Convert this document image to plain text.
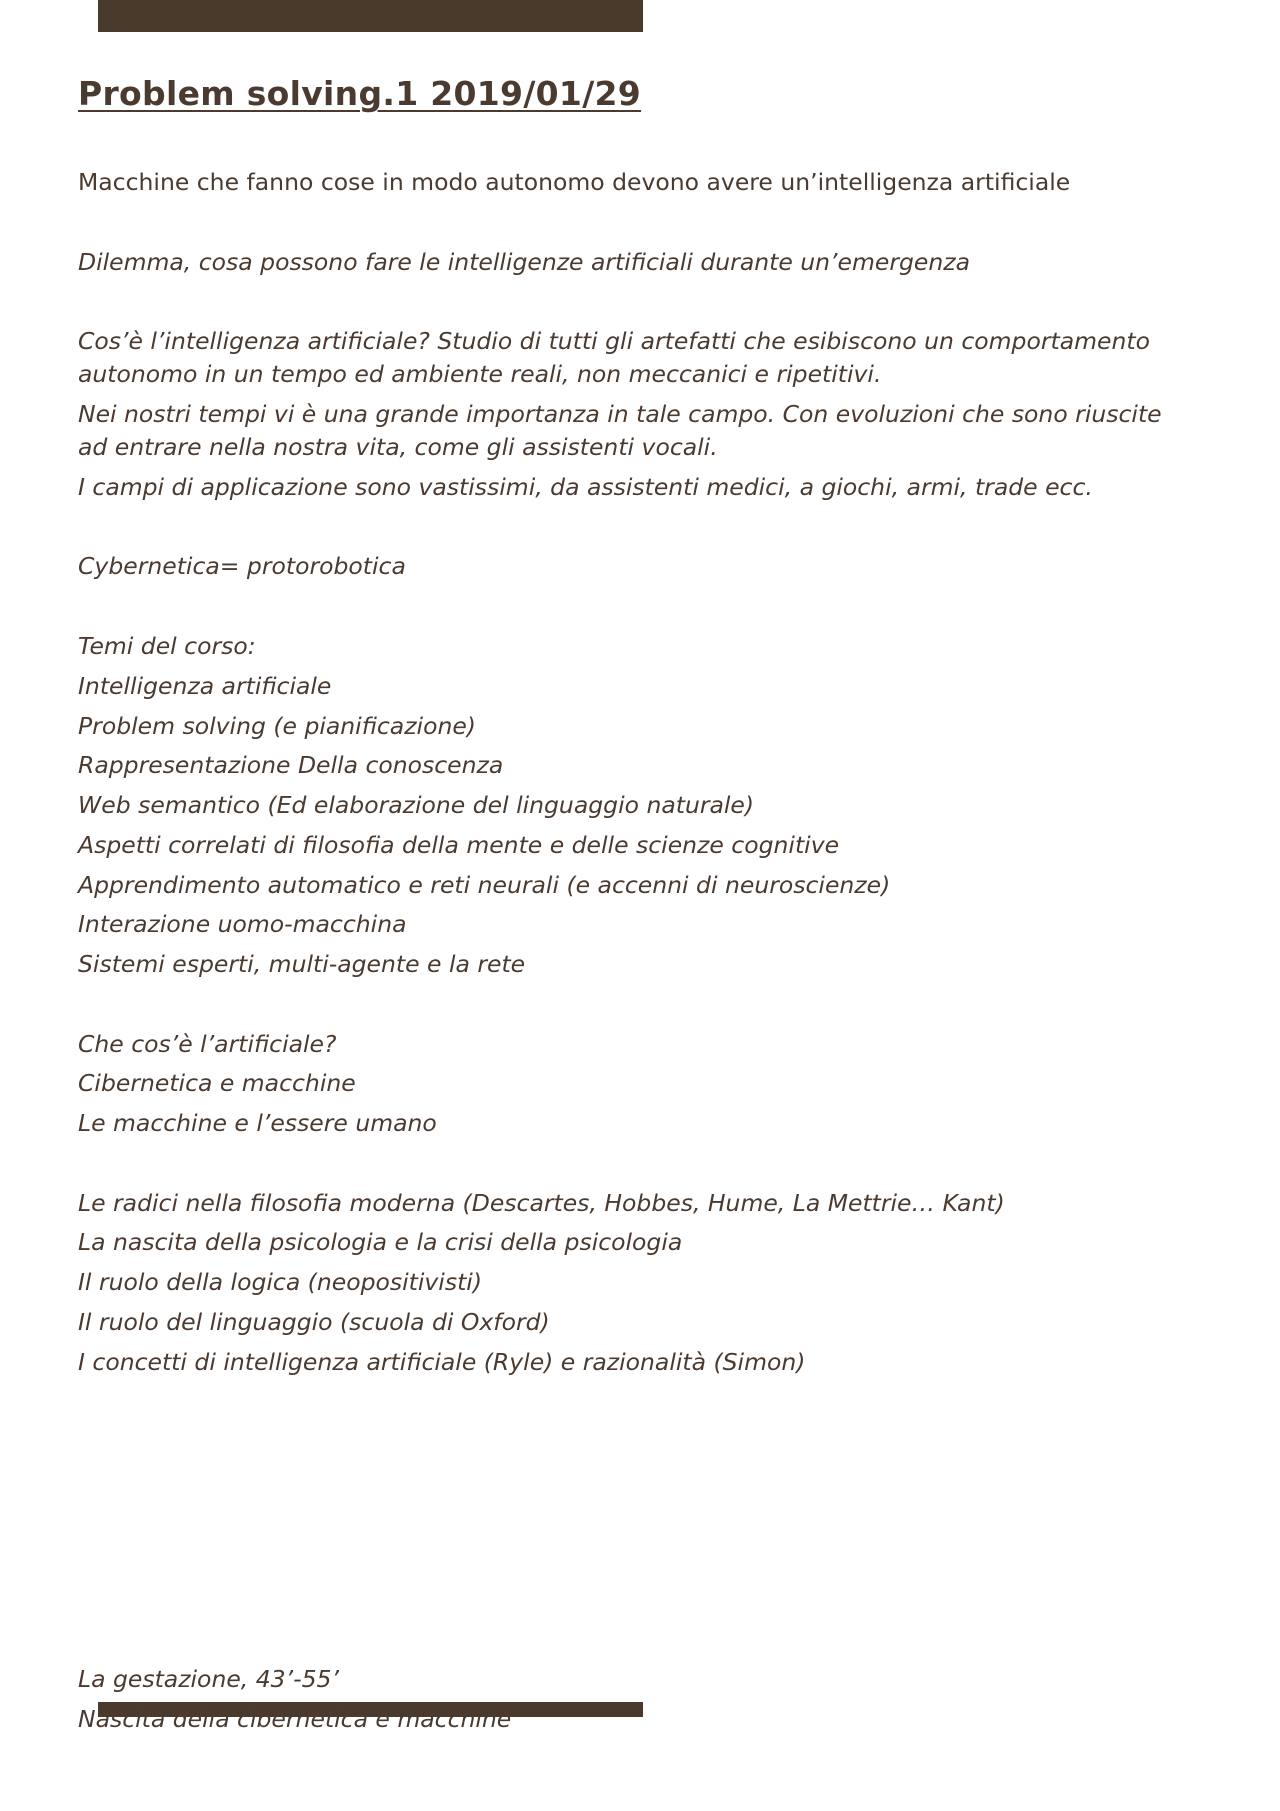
Problem solving.1 2019/01/29

Macchine che fanno cose in modo autonomo devono avere un’intelligenza artificiale

Dilemma, cosa possono fare le intelligenze artificiali durante un’emergenza

Cos’è l’intelligenza artificiale? Studio di tutti gli artefatti che esibiscono un comportamento

autonomo in un tempo ed ambiente reali, non meccanici e ripetitivi.

Nei nostri tempi vi è una grande importanza in tale campo. Con evoluzioni che sono riuscite

ad entrare nella nostra vita, come gli assistenti vocali.

I campi di applicazione sono vastissimi, da assistenti medici, a giochi, armi, trade ecc.

Cybernetica= protorobotica

Temi del corso:

Intelligenza artificiale

Problem solving (e pianificazione)

Rappresentazione Della conoscenza

Web semantico (Ed elaborazione del linguaggio naturale)

Aspetti correlati di filosofia della mente e delle scienze cognitive

Apprendimento automatico e reti neurali (e accenni di neuroscienze)

Interazione uomo-macchina

Sistemi esperti, multi-agente e la rete

Che cos’è l’artificiale?

Cibernetica e macchine

Le macchine e l’essere umano

Le radici nella filosofia moderna (Descartes, Hobbes, Hume, La Mettrie… Kant)

La nascita della psicologia e la crisi della psicologia

Il ruolo della logica (neopositivisti)

Il ruolo del linguaggio (scuola di Oxford)

I concetti di intelligenza artificiale (Ryle) e razionalità (Simon)

La gestazione, 43’-55’

Nascita della cibernetica e macchine
